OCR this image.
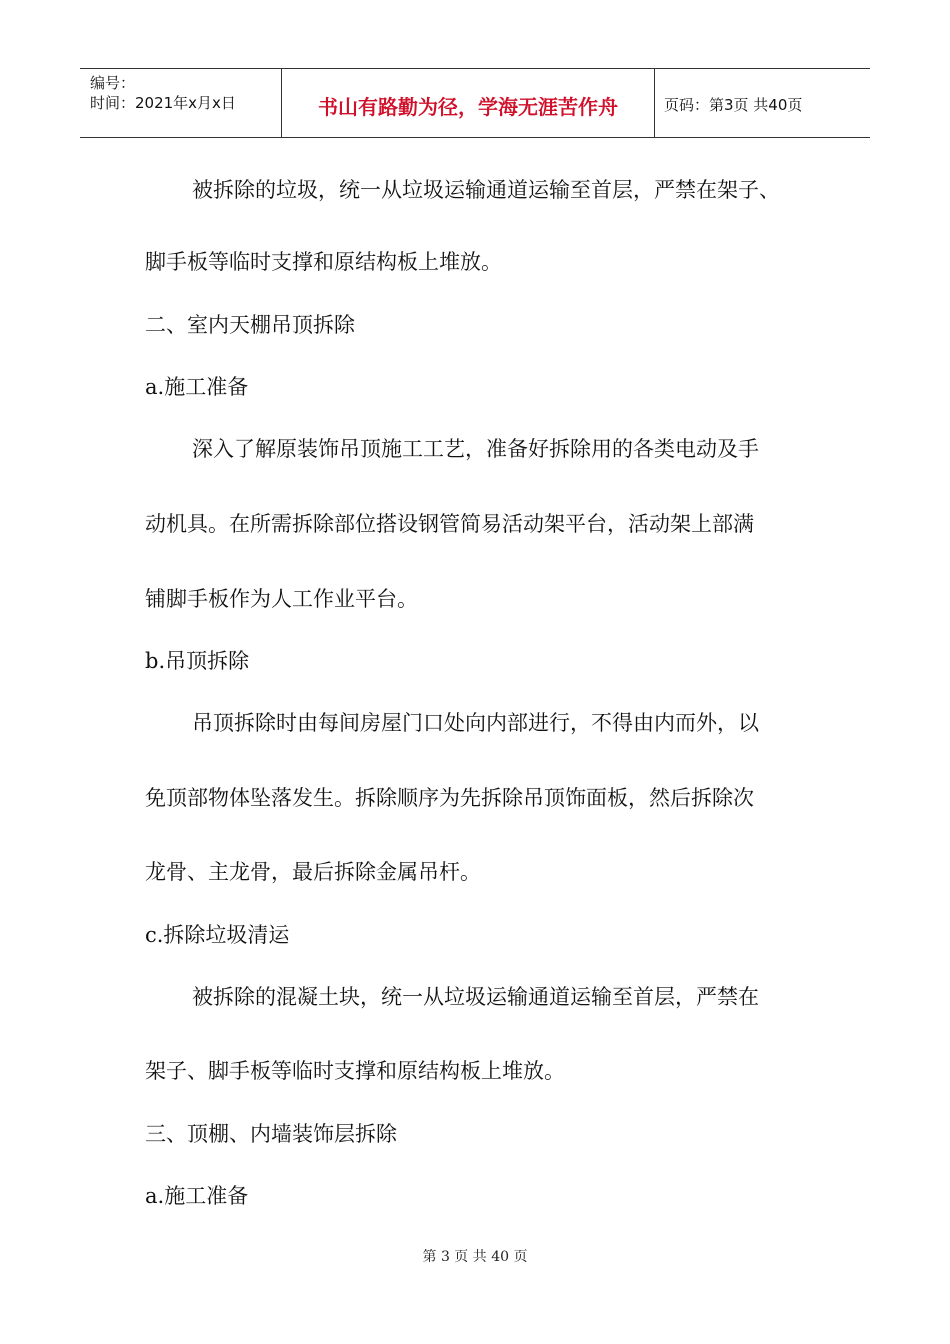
编号：
时间：2021年x月x日	书山有路勤为径，学海无涯苦作舟	页码：第3页 共40页
被拆除的垃圾，统一从垃圾运输通道运输至首层，严禁在架子、
脚手板等临时支撑和原结构板上堆放。
二、室内天棚吊顶拆除
a.施工准备
深入了解原装饰吊顶施工工艺，准备好拆除用的各类电动及手
动机具。在所需拆除部位搭设钢管简易活动架平台，活动架上部满
铺脚手板作为人工作业平台。
b.吊顶拆除
吊顶拆除时由每间房屋门口处向内部进行，不得由内而外，以
免顶部物体坠落发生。拆除顺序为先拆除吊顶饰面板，然后拆除次
龙骨、主龙骨，最后拆除金属吊杆。
c.拆除垃圾清运
被拆除的混凝土块，统一从垃圾运输通道运输至首层，严禁在
架子、脚手板等临时支撑和原结构板上堆放。
三、顶棚、内墙装饰层拆除
a.施工准备
第 3 页 共 40 页
